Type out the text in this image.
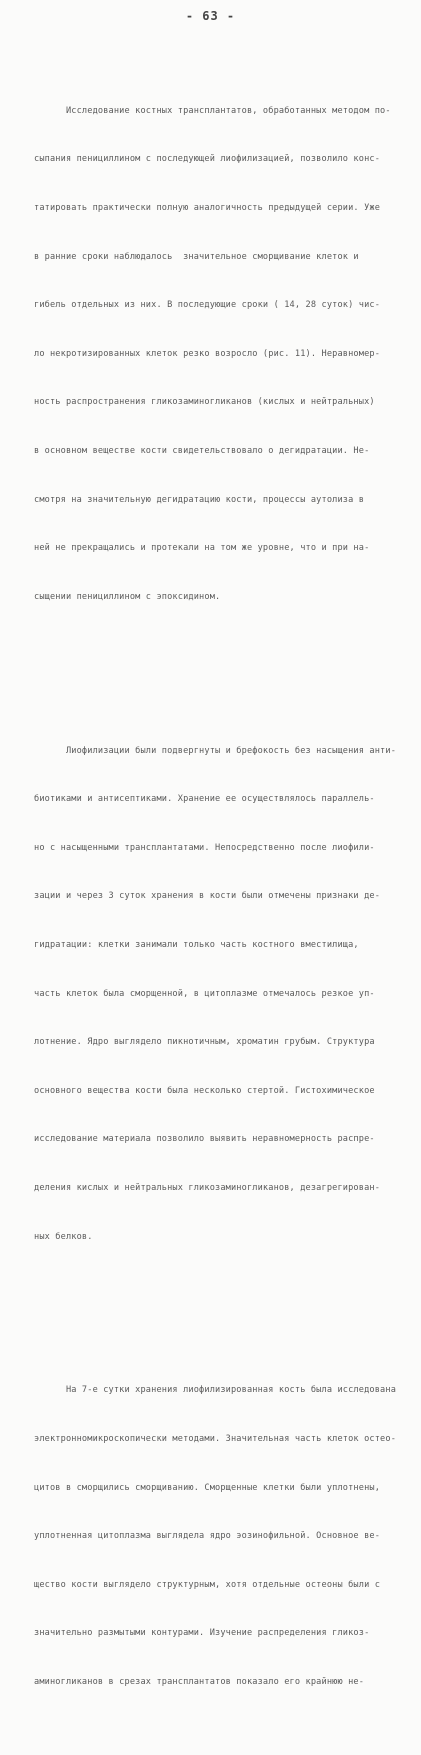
- 63 -

Исследование костных трансплантатов, обработанных методом по-

сыпания пенициллином с последующей лиофилизацией, позволило конс-

татировать практически полную аналогичность предыдущей серии. Уже

в ранние сроки наблюдалось  значительное сморщивание клеток и

гибель отдельных из них. В последующие сроки ( 14, 28 суток) чис-

ло некротизированных клеток резко возросло (рис. 11). Неравномер-

ность распространения гликозаминогликанов (кислых и нейтральных)

в основном веществе кости свидетельствовало о дегидратации. Не-

смотря на значительную дегидратацию кости, процессы аутолиза в

ней не прекращались и протекали на том же уровне, что и при на-

сыщении пенициллином с эпоксидином.

Лиофилизации были подвергнуты и брефокость без насыщения анти-

биотиками и антисептиками. Хранение ее осуществлялось параллель-

но с насыщенными трансплантатами. Непосредственно после лиофили-

зации и через 3 суток хранения в кости были отмечены признаки де-

гидратации: клетки занимали только часть костного вместилища,

часть клеток была сморщенной, в цитоплазме отмечалось резкое уп-

лотнение. Ядро выглядело пикнотичным, хроматин грубым. Структура

основного вещества кости была несколько стертой. Гистохимическое

исследование материала позволило выявить неравномерность распре-

деления кислых и нейтральных гликозаминогликанов, дезагрегирован-

ных белков.

На 7-е сутки хранения лиофилизированная кость была исследована

электронномикроскопически методами. Значительная часть клеток остео-

цитов в сморщились сморщиванию. Сморщенные клетки были уплотнены,

уплотненная цитоплазма выглядела ядро эозинофильной. Основное ве-

щество кости выглядело структурным, хотя отдельные остеоны были с

значительно размытыми контурами. Изучение распределения гликоз-

аминогликанов в срезах трансплантатов показало его крайнюю не-
